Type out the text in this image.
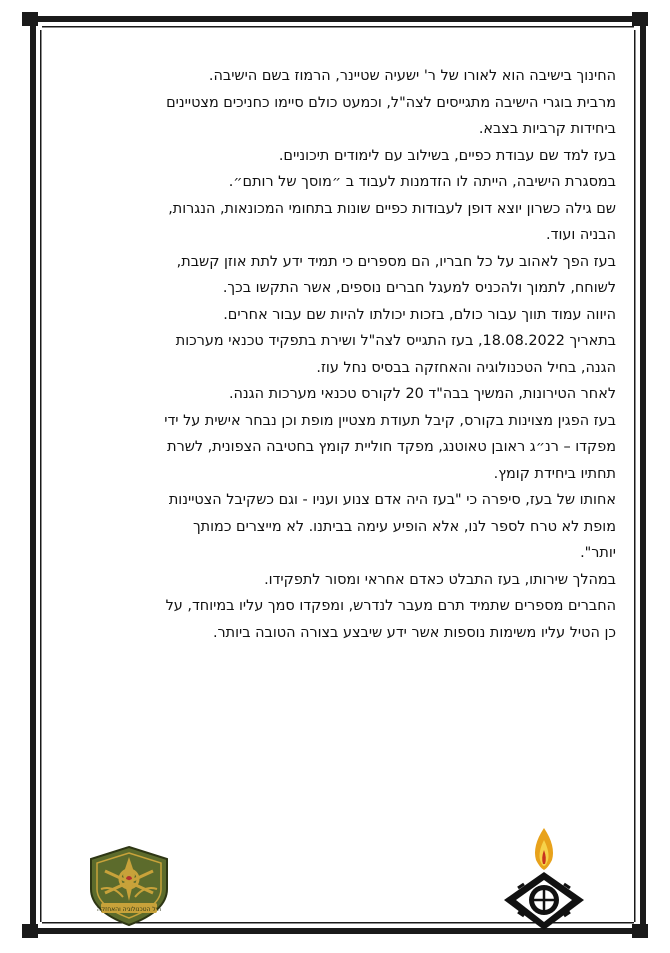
החינוך בישיבה הוא לאורו של ר' ישעיה שטיינר, הרמוז בשם הישיבה.

מרבית בוגרי הישיבה מתגייסים לצה"ל, וכמעט כולם סיימו כחניכים מצטיינים

ביחידות קרביות בצבא.

בעז למד שם עבודת כפיים, בשילוב עם לימודים תיכוניים.

במסגרת הישיבה, הייתה לו הזדמנות לעבוד ב ״מוסך של רותם״.

שם גילה כשרון יוצא דופן לעבודות כפיים שונות בתחומי המכונאות, הנגרות,

הבניה ועוד.

בעז הפך לאהוב על כל חבריו, הם מספרים כי תמיד ידע לתת אוזן קשבת,

לשוחח, לתמוך ולהכניס למעגל חברים נוספים, אשר התקשו בכך.

היווה עמוד תווך עבור כולם, בזכות יכולתו להיות שם עבור אחרים.

בתאריך 18.08.2022, בעז התגייס לצה"ל ושירת בתפקיד טכנאי מערכות

הגנה, בחיל הטכנולוגיה והאחזקה בבסיס נחל עוז.

לאחר הטירונות, המשיך בבה"ד 20 לקורס טכנאי מערכות הגנה.

בעז הפגין מצוינות בקורס, קיבל תעודת מצטיין מופת וכן נבחר אישית על ידי

מפקדו – רנ״ג ראובן טאוטנג, מפקד חוליית קומץ בחטיבה הצפונית, לשרת

תחתיו ביחידת קומץ.

אחותו של בעז, סיפרה כי "בעז היה אדם צנוע ועניו - וגם כשקיבל הצטיינות

מופת לא טרח לספר לנו, אלא הופיע עימה בביתנו. לא מייצרים כמותך

יותר".

במהלך שירותו, בעז התבלט כאדם אחראי ומסור לתפקידו.

החברים מספרים שתמיד תרם מעבר לנדרש, ומפקדו סמך עליו במיוחד, על

כן הטיל עליו משימות נוספות אשר ידע שיבצע בצורה הטובה ביותר.

חיל הטכנולוגיה והאחזקה
